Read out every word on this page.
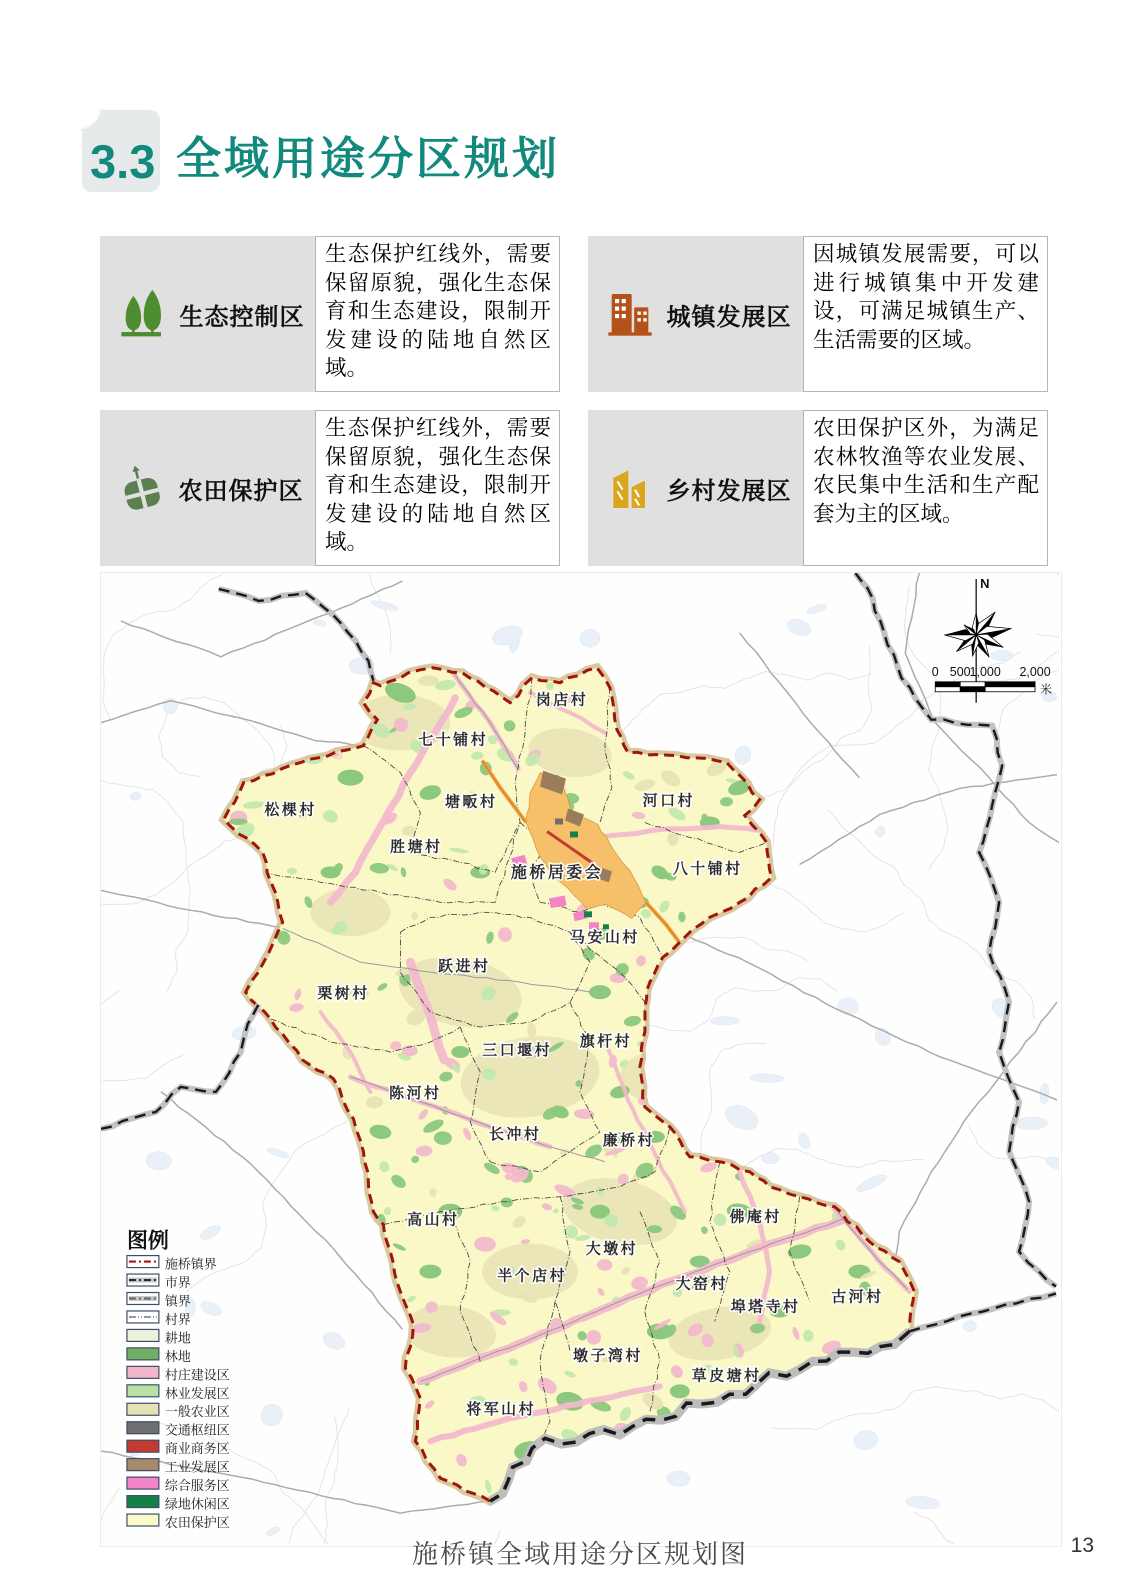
3.3 全域用途分区规划
生态控制区

生态保护红线外，需要保留原貌，强化生态保育和生态建设，限制开发建设的陆地自然区域。

城镇发展区

因城镇发展需要，可以进行城镇集中开发建设，可满足城镇生产、生活需要的区域。

农田保护区

生态保护红线外，需要保留原貌，强化生态保育和生态建设，限制开发建设的陆地自然区域。

乡村发展区

农田保护区外，为满足农林牧渔等农业发展、农民集中生活和生产配套为主的区域。

岗店村
七十铺村
松棵村	塘畈村	河口村
胜塘村
施桥居委会	八十铺村
马安山村
跃进村
栗树村
旗杆村
三口堰村
陈河村
长冲村	廉桥村
高山村	佛庵村
大墩村
半个店村	大窑村
埠塔寺村
古河村
墩子湾村
草皮塘村
将军山村
图例
施桥镇界
市界
镇界
村界
耕地
林地
村庄建设区
林业发展区
一般农业区
交通枢纽区
商业商务区
工业发展区
综合服务区
绿地休闲区
农田保护区
N
0 500
1,000 2,000
米
施桥镇全域用途分区规划图	13
